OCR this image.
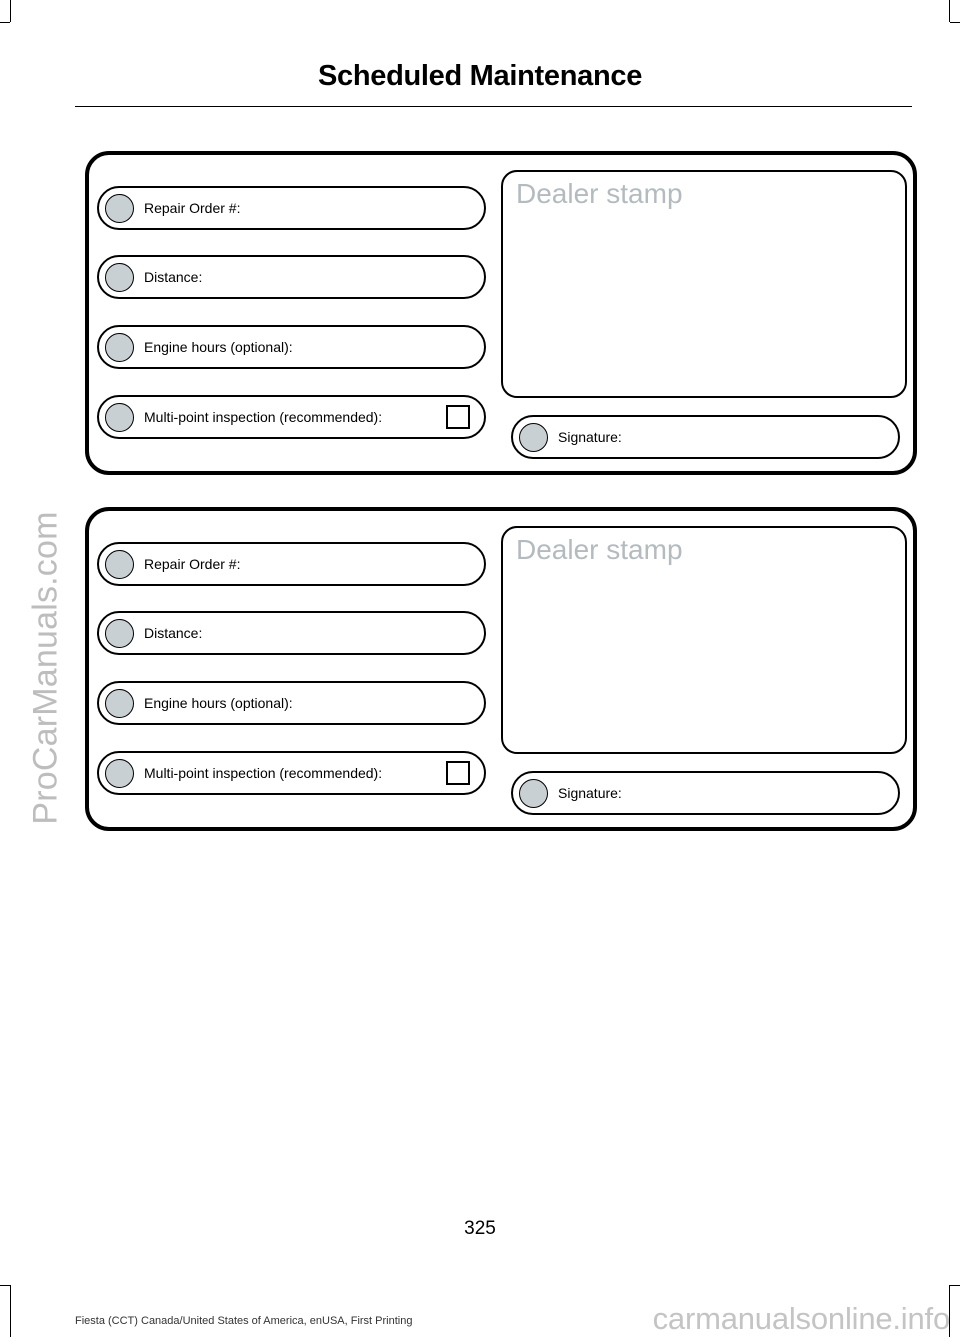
ProCarManuals.com
Scheduled Maintenance
Repair Order #:
Distance:
Engine hours (optional):
Multi-point inspection (recommended):
Dealer stamp
Signature:
Repair Order #:
Distance:
Engine hours (optional):
Multi-point inspection (recommended):
Dealer stamp
Signature:
325
Fiesta (CCT) Canada/United States of America, enUSA, First Printing	carmanualsonline.info
